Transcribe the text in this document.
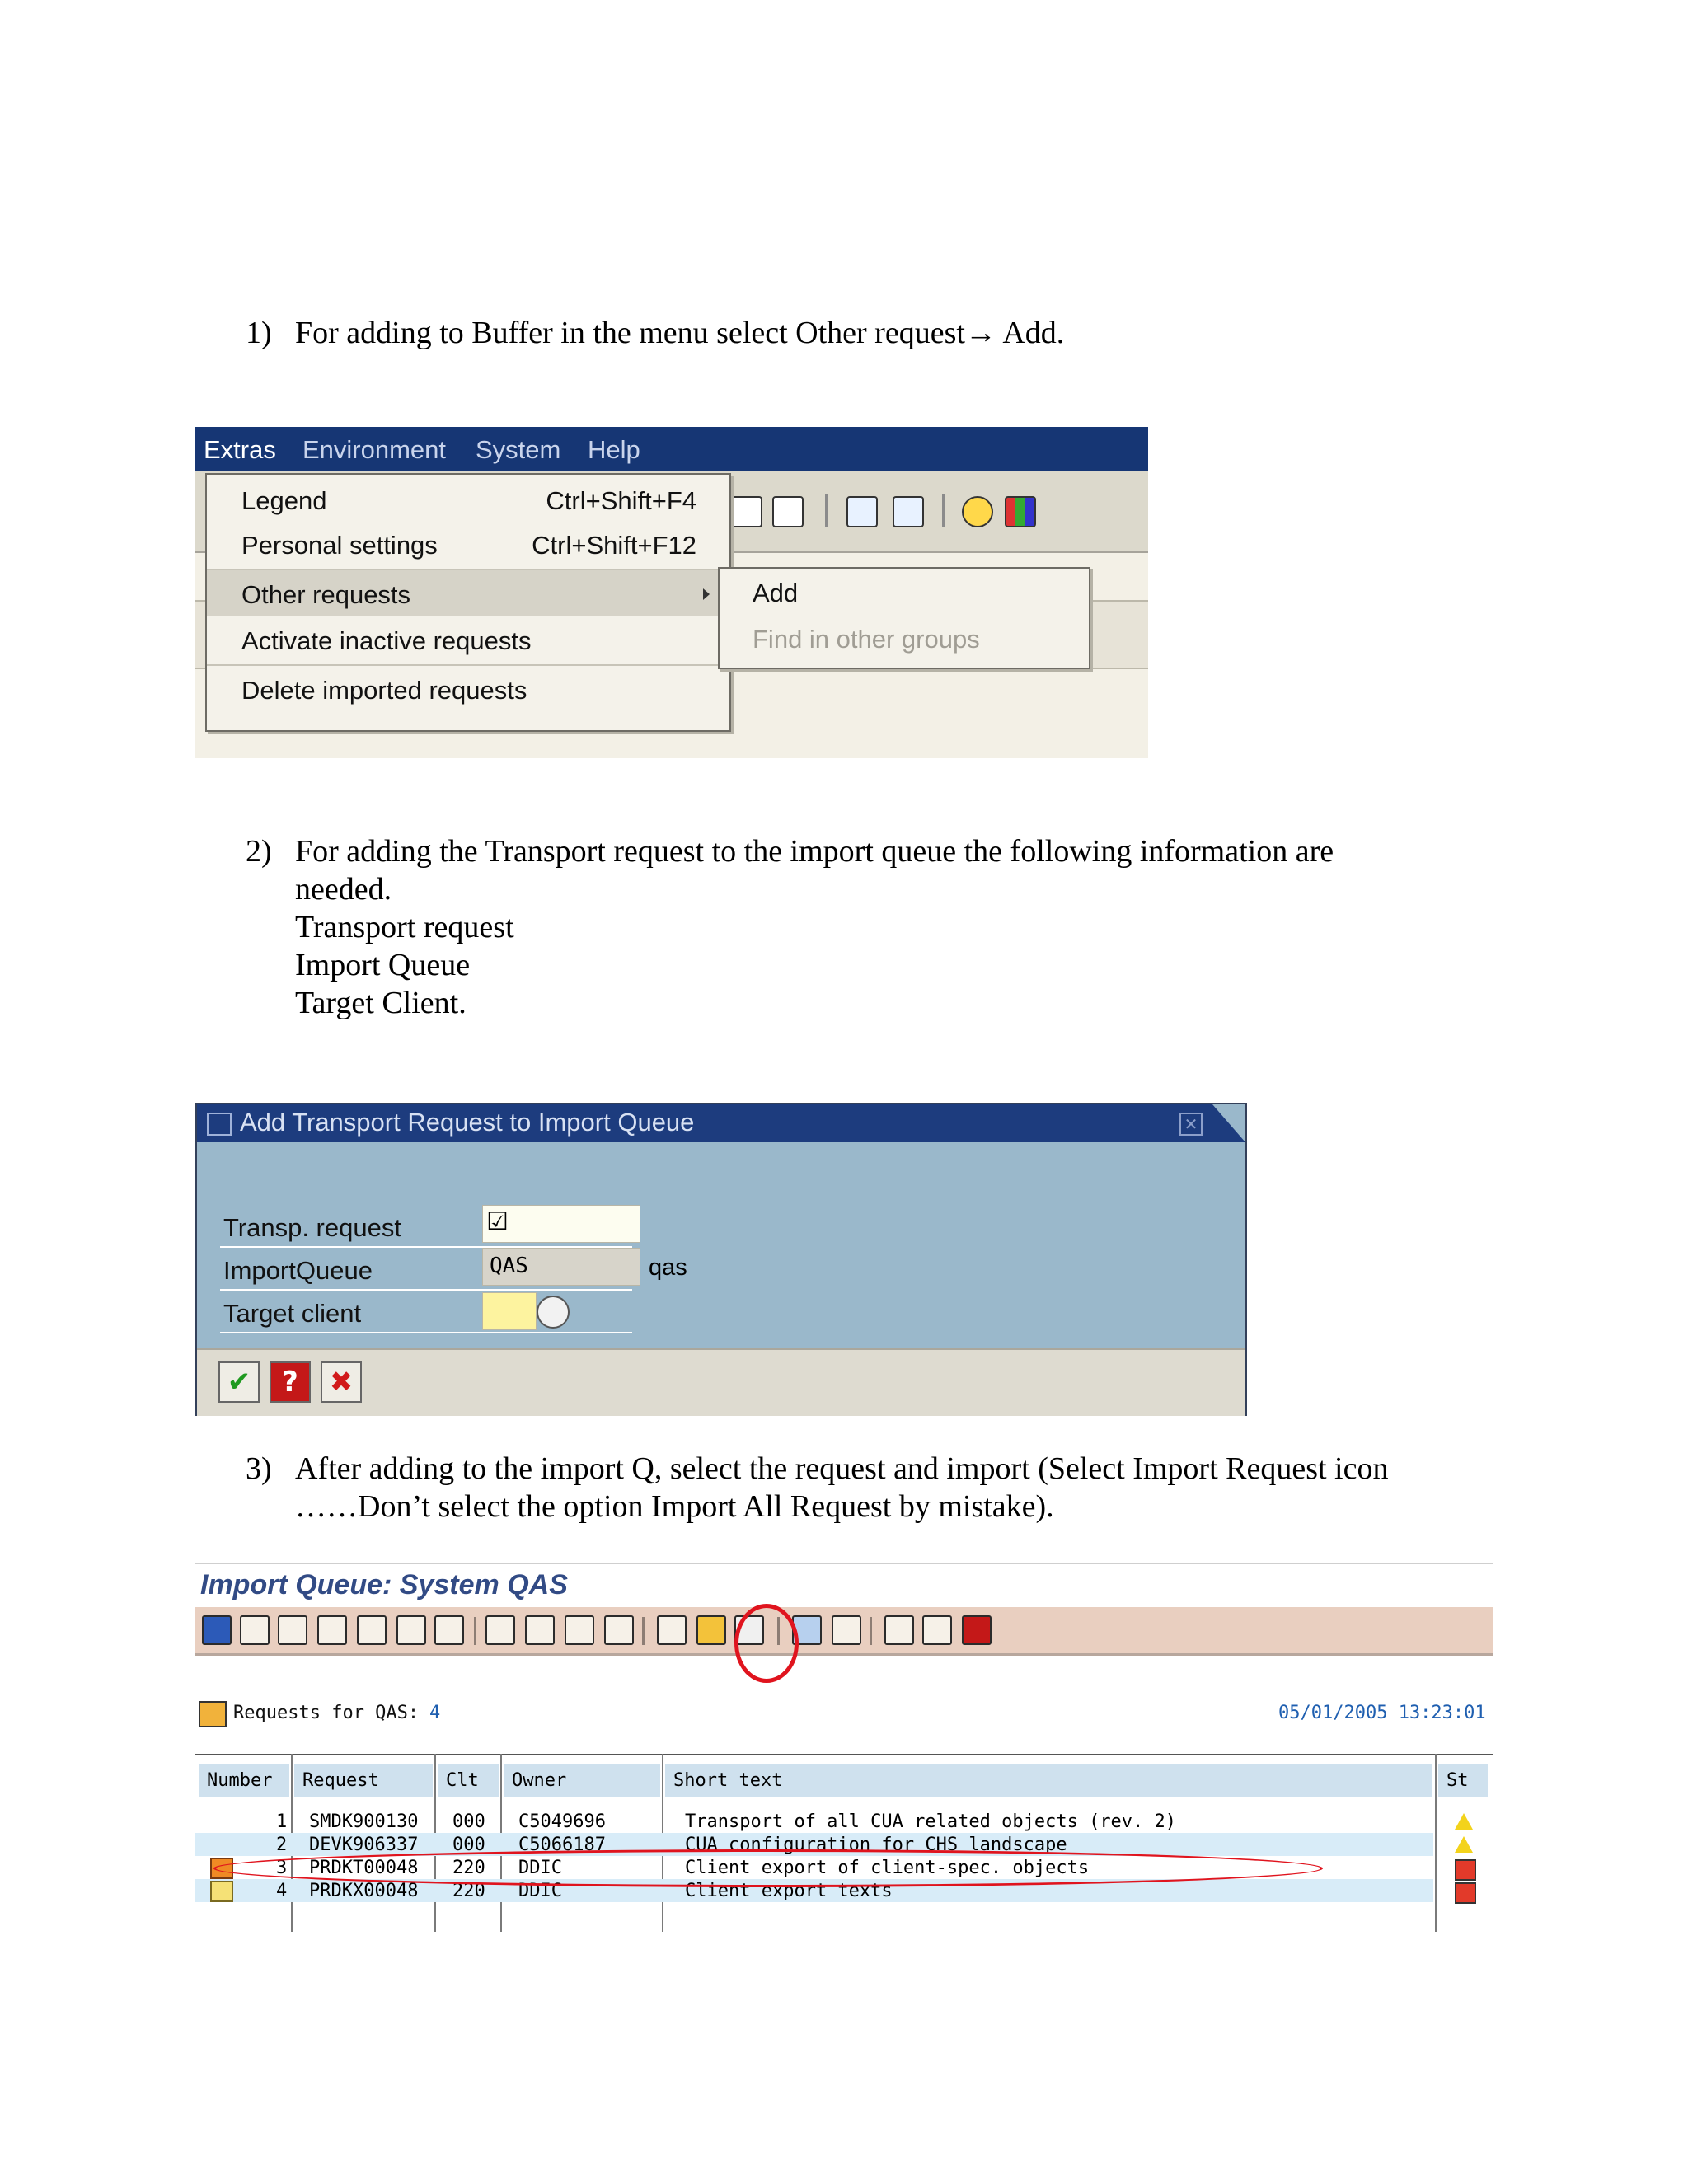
1) For adding to Buffer in the menu select Other request→ Add.
Extras Environment System Help
Legend	Ctrl+Shift+F4
Personal settings	Ctrl+Shift+F12
Other requests
Activate inactive requests
Delete imported requests
Add
Find in other groups
2) For adding the Transport request to the import queue the following information are
needed.
Transport request
Import Queue
Target Client.
Add Transport Request to Import Queue	✕
Transp. request	☑
ImportQueue	QAS	qas
Target client
✔	?	✖
3) After adding to the import Q, select the request and import (Select Import Request icon
……Don’t select the option Import All Request by mistake).
Import Queue: System QAS
Requests for QAS: 4	05/01/2005 13:23:01
Number Request	Clt Owner	Short text	St
1 SMDK900130 000 C5049696	Transport of all CUA related objects (rev. 2)
2 DEVK906337 000 C5066187	CUA configuration for CHS landscape
3 PRDKT00048 220 DDIC	Client export of client-spec. objects
4 PRDKX00048 220 DDIC	Client export texts
